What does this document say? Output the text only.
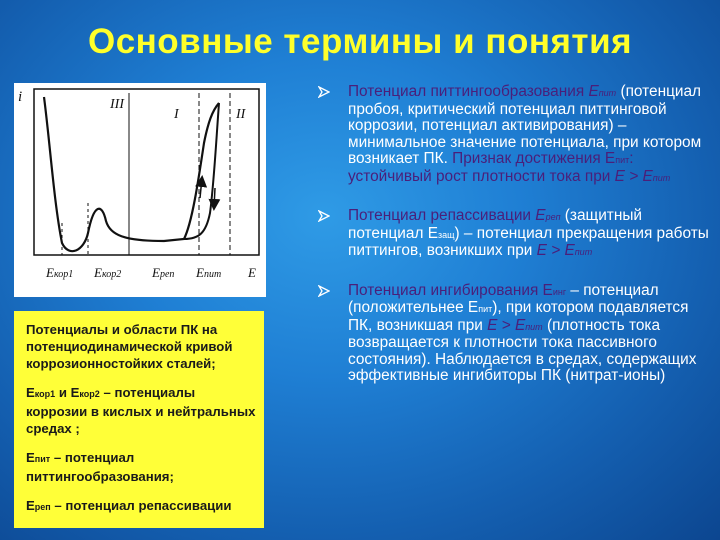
Основные термины и понятия
i	III
I	II
Eкор1 Eкор2 Eреп Eпит E

Потенциалы и области ПК на потенциодинамической кривой коррозионностойких сталей;

Екор1 и Екор2 – потенциалы коррозии в кислых и нейтральных средах ;

Епит – потенциал питтингообразования;

Ереп – потенциал репассивации

Потенциал питтингообразования Епит (потенциал пробоя, критический потенциал питтинговой коррозии, потенциал активирования) – минимальное значение потенциала, при котором возникает ПК. Признак достижения Епит: устойчивый рост плотности тока при Е > Епит
Потенциал репассивации Ереп (защитный потенциал Езащ) – потенциал прекращения работы питтингов, возникших при Е > Епит
Потенциал ингибирования Еинг – потенциал (положительнее Епит), при котором подавляется ПК, возникшая при Е > Епит (плотность тока возвращается к плотности тока пассивного состояния). Наблюдается в средах, содержащих эффективные ингибиторы ПК (нитрат-ионы)
